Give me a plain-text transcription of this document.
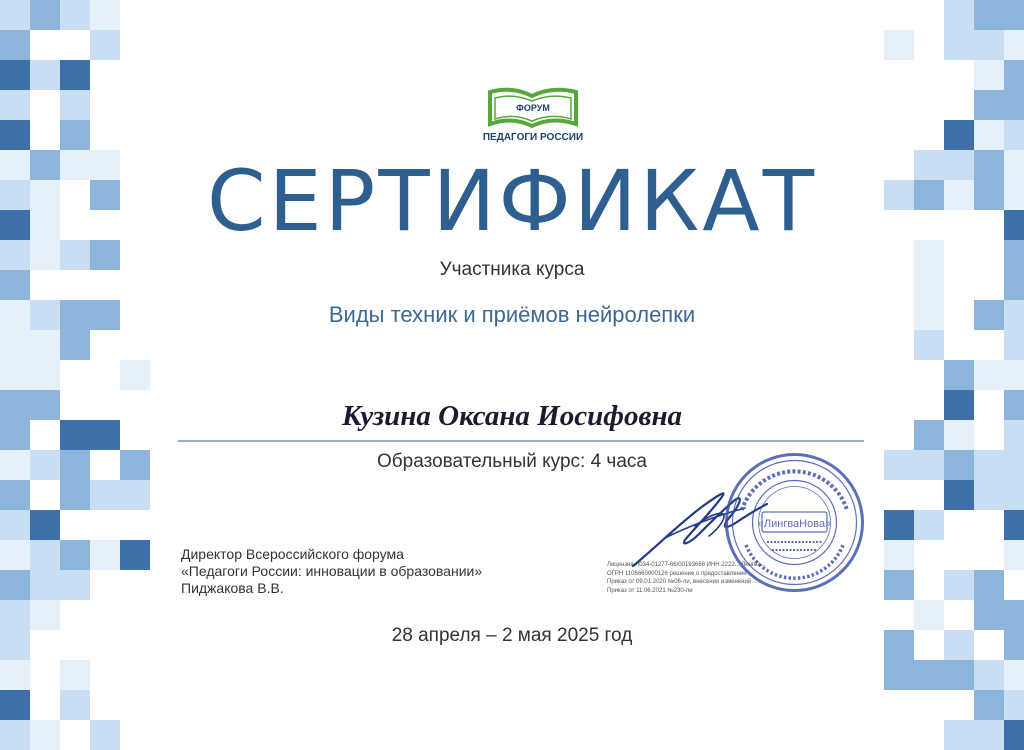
ФОРУМ
ПЕДАГОГИ РОССИИ
СЕРТИФИКАТ
Участника курса
Виды техник и приёмов нейролепки
Кузина Оксана Иосифовна
Образовательный курс: 4 часа
Директор Всероссийского форума
«Педагоги России: инновации в образовании»
Пиджакова В.В.
Лицензия Л034-01277-66/00193668 ИНН 2222... Лингва...
ОГРН 1106660000126 решение о предоставлении ...
Приказ от 09.01.2020 №06-ли, внесении изменений ...
Приказ от 11.06.2021 №230-ли
«ЛингваНова»
28 апреля – 2 мая 2025 год
